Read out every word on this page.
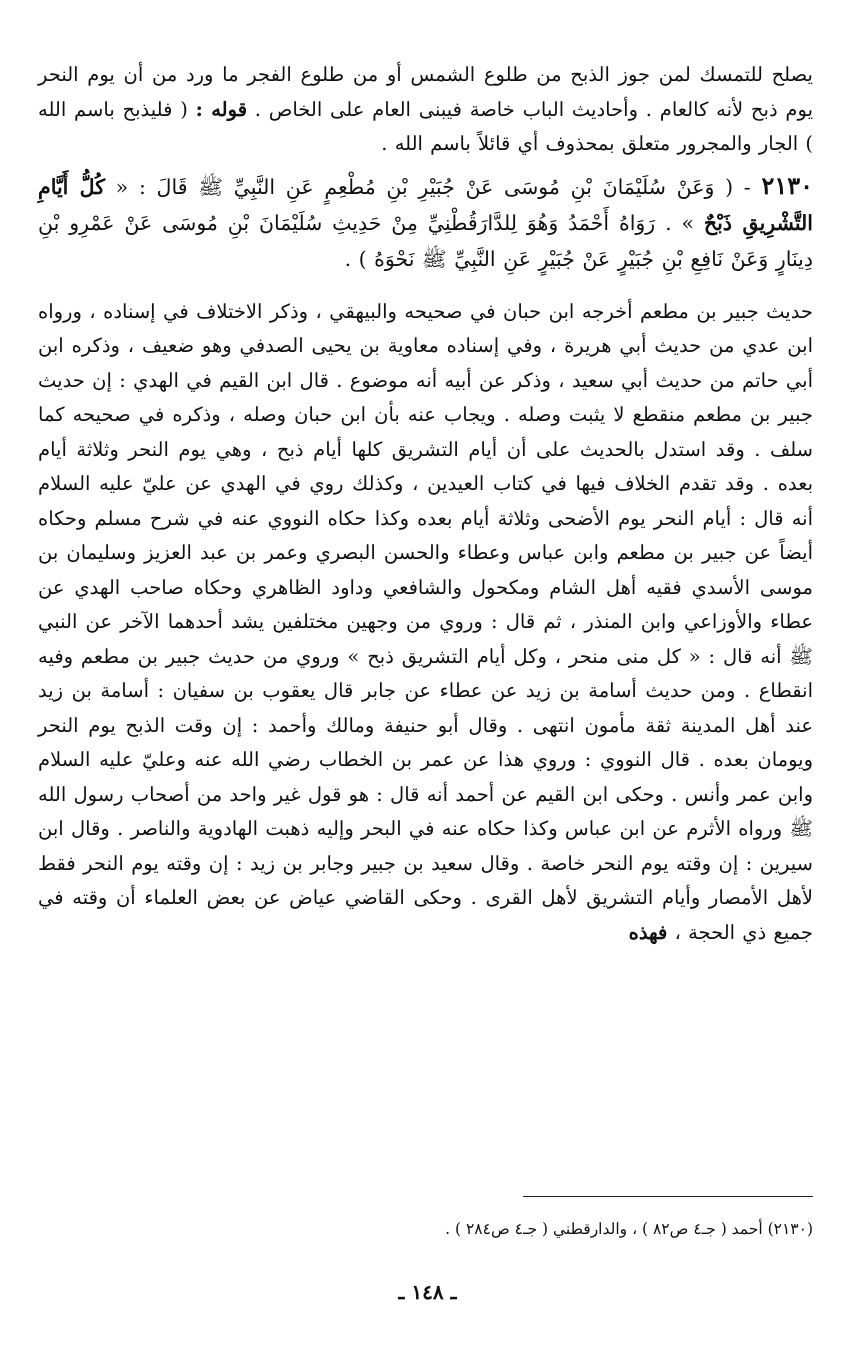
يصلح للتمسك لمن جوز الذبح من طلوع الشمس أو من طلوع الفجر ما ورد من أن يوم النحر يوم ذبح لأنه كالعام . وأحاديث الباب خاصة فيبنى العام على الخاص . قوله : ( فليذبح باسم الله ) الجار والمجرور متعلق بمحذوف أي قائلاً باسم الله .

٢١٣٠ - ( وَعَنْ سُلَيْمَانَ بْنِ مُوسَى عَنْ جُبَيْرِ بْنِ مُطْعِمٍ عَنِ النَّبِيِّ ﷺ قَالَ : « كُلُّ أَيَّامِ التَّشْرِيقِ ذَبْحٌ » . رَوَاهُ أَحْمَدُ وَهُوَ لِلدَّارَقُطْنِيِّ مِنْ حَدِيثِ سُلَيْمَانَ بْنِ مُوسَى عَنْ عَمْرِو بْنِ دِينَارٍ وَعَنْ نَافِعِ بْنِ جُبَيْرٍ عَنْ جُبَيْرٍ عَنِ النَّبِيِّ ﷺ نَحْوَهُ ) .

حديث جبير بن مطعم أخرجه ابن حبان في صحيحه والبيهقي ، وذكر الاختلاف في إسناده ، ورواه ابن عدي من حديث أبي هريرة ، وفي إسناده معاوية بن يحيى الصدفي وهو ضعيف ، وذكره ابن أبي حاتم من حديث أبي سعيد ، وذكر عن أبيه أنه موضوع . قال ابن القيم في الهدي : إن حديث جبير بن مطعم منقطع لا يثبت وصله . ويجاب عنه بأن ابن حبان وصله ، وذكره في صحيحه كما سلف . وقد استدل بالحديث على أن أيام التشريق كلها أيام ذبح ، وهي يوم النحر وثلاثة أيام بعده . وقد تقدم الخلاف فيها في كتاب العيدين ، وكذلك روي في الهدي عن عليّ عليه السلام أنه قال : أيام النحر يوم الأضحى وثلاثة أيام بعده وكذا حكاه النووي عنه في شرح مسلم وحكاه أيضاً عن جبير بن مطعم وابن عباس وعطاء والحسن البصري وعمر بن عبد العزيز وسليمان بن موسى الأسدي فقيه أهل الشام ومكحول والشافعي وداود الظاهري وحكاه صاحب الهدي عن عطاء والأوزاعي وابن المنذر ، ثم قال : وروي من وجهين مختلفين يشد أحدهما الآخر عن النبي ﷺ أنه قال : « كل منى منحر ، وكل أيام التشريق ذبح » وروي من حديث جبير بن مطعم وفيه انقطاع . ومن حديث أسامة بن زيد عن عطاء عن جابر قال يعقوب بن سفيان : أسامة بن زيد عند أهل المدينة ثقة مأمون انتهى . وقال أبو حنيفة ومالك وأحمد : إن وقت الذبح يوم النحر ويومان بعده . قال النووي : وروي هذا عن عمر بن الخطاب رضي الله عنه وعليّ عليه السلام وابن عمر وأنس . وحكى ابن القيم عن أحمد أنه قال : هو قول غير واحد من أصحاب رسول الله ﷺ ورواه الأثرم عن ابن عباس وكذا حكاه عنه في البحر وإليه ذهبت الهادوية والناصر . وقال ابن سيرين : إن وقته يوم النحر خاصة . وقال سعيد بن جبير وجابر بن زيد : إن وقته يوم النحر فقط لأهل الأمصار وأيام التشريق لأهل القرى . وحكى القاضي عياض عن بعض العلماء أن وقته في جميع ذي الحجة ، فهذه

(٢١٣٠) أحمد ( جـ٤ ص٨٢ ) ، والدارقطني ( جـ٤ ص٢٨٤ ) .
ـ ١٤٨ ـ
